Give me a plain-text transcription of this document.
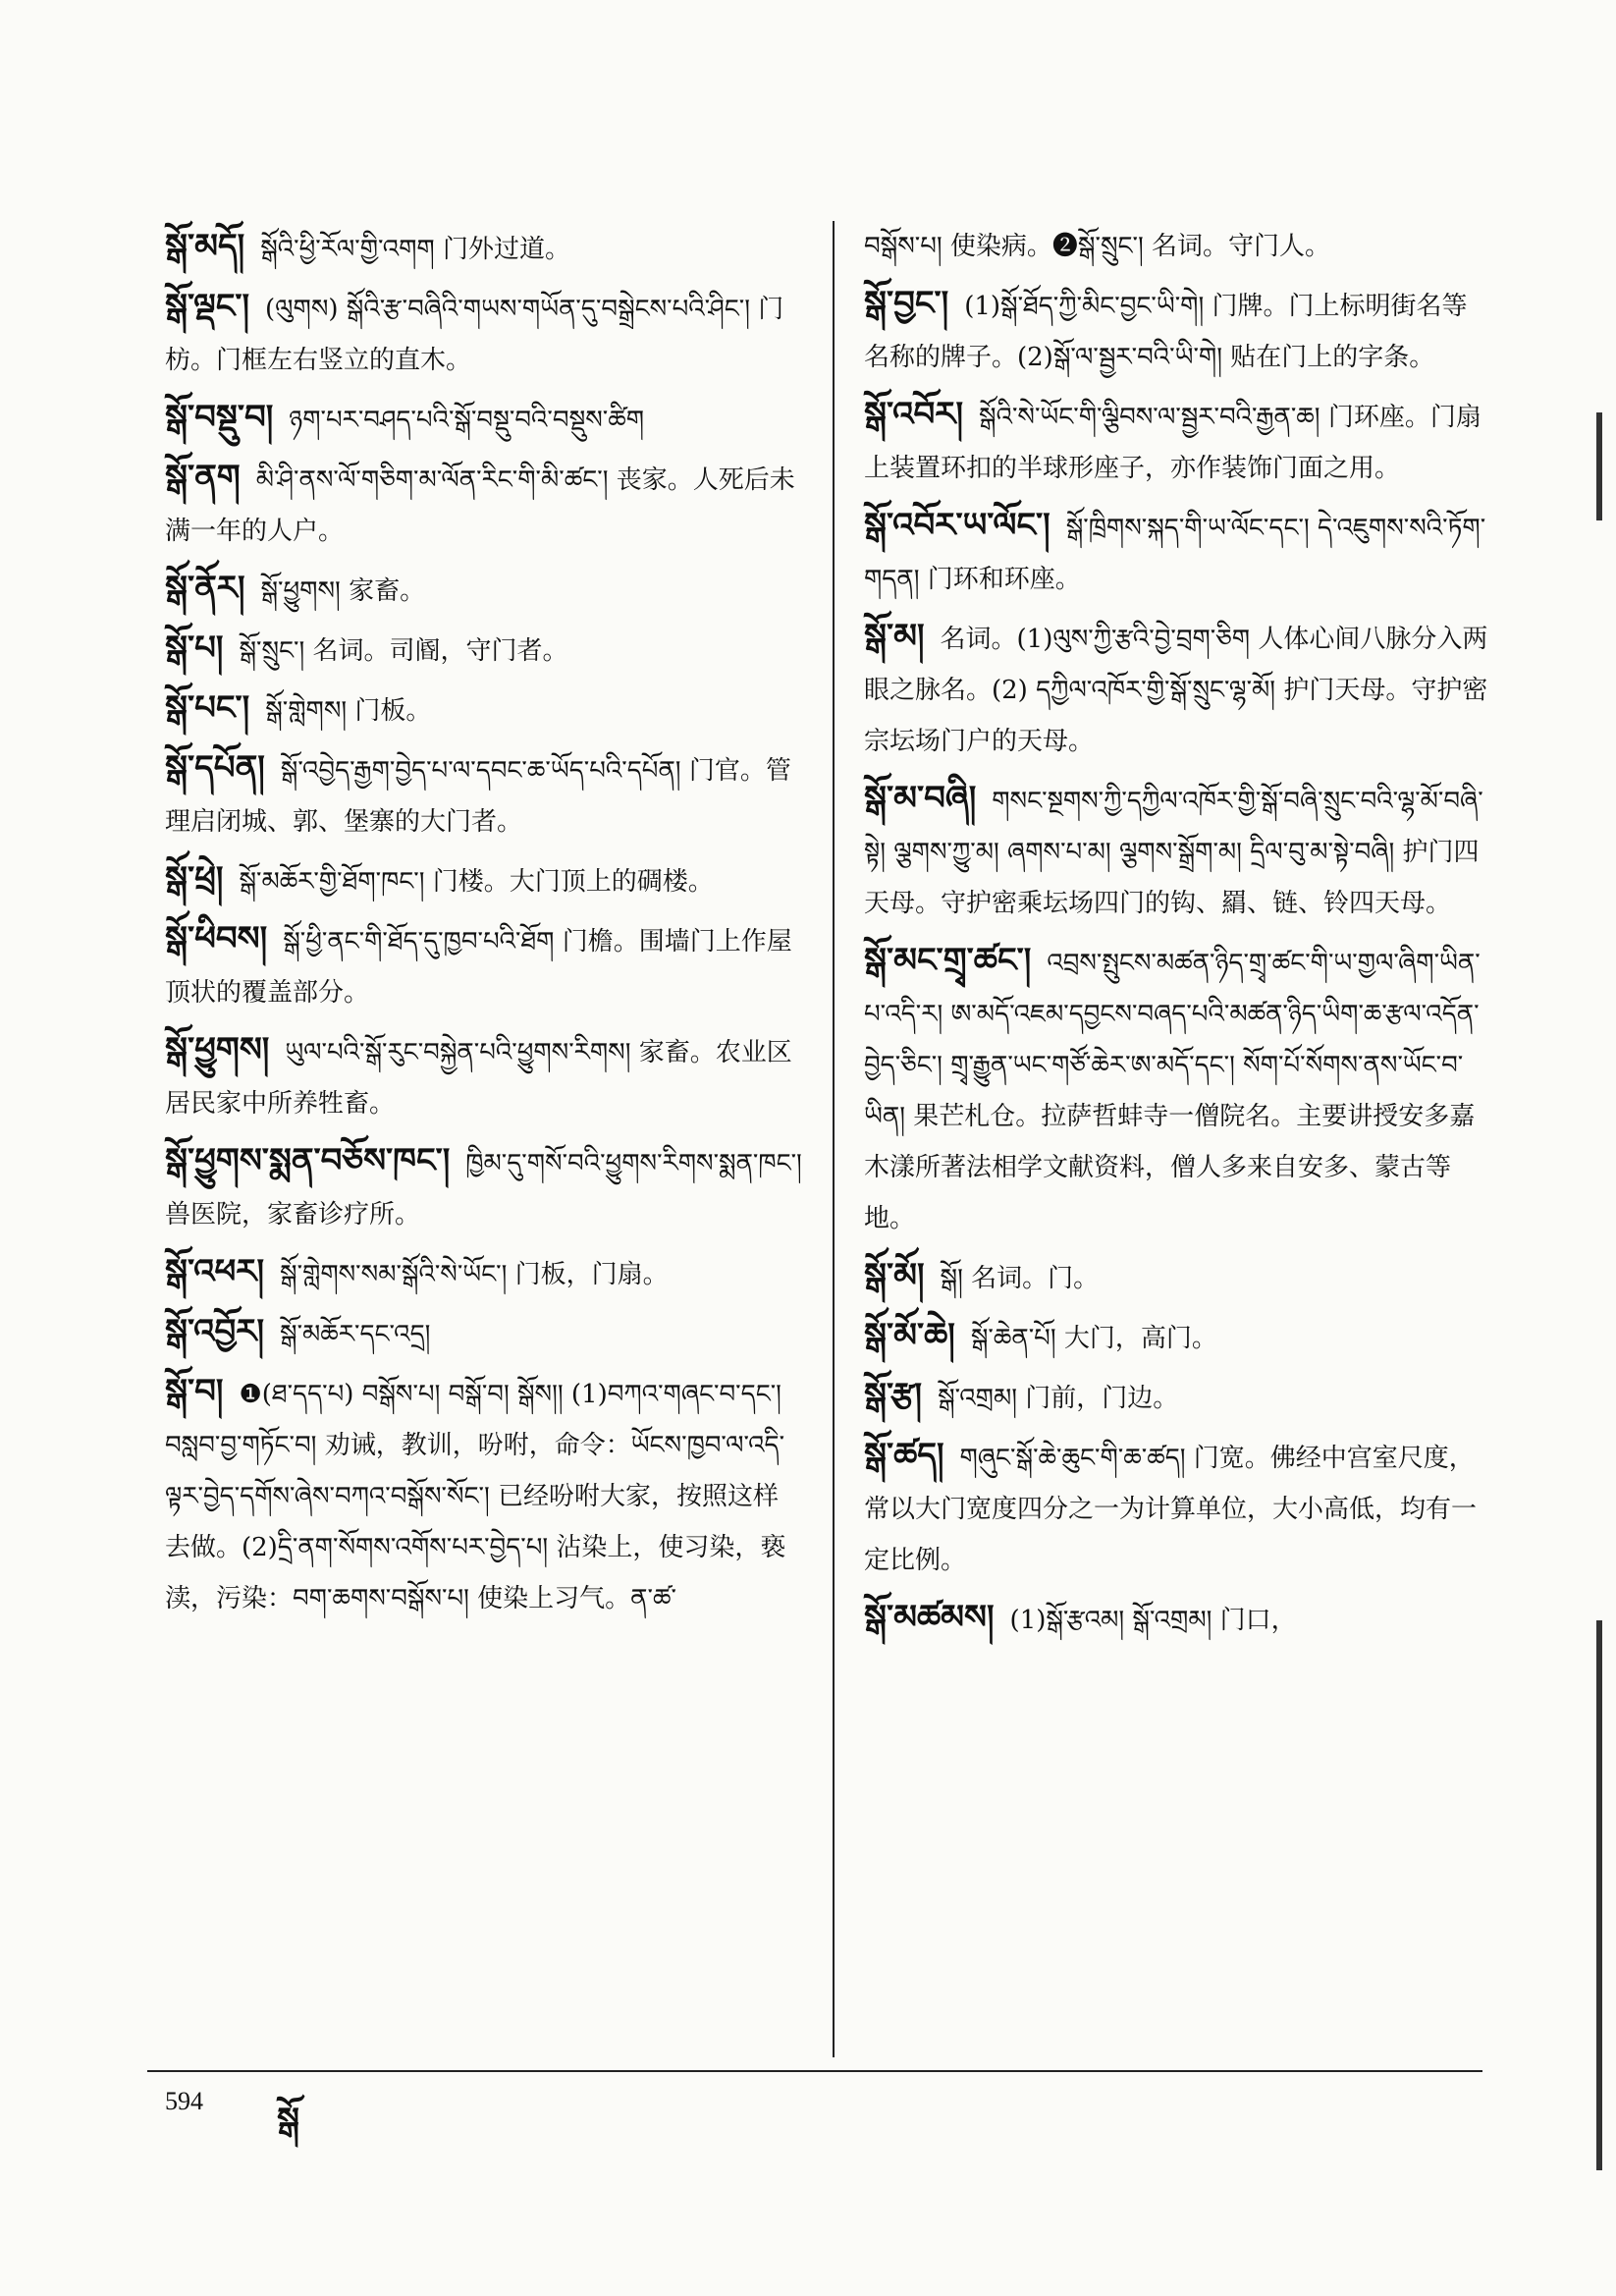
སྒོ་མདོ། སྒོའི་ཕྱི་རོལ་གྱི་འགག 门外过道。
སྒོ་ལྡང་། (ལུགས) སྒོའི་རྩ་བཞིའི་གཡས་གཡོན་དུ་བསྒྲེངས་པའི་ཤིང་། 门枋。门框左右竖立的直木。
སྒོ་བསྡུ་བ། ཉག་པར་བཤད་པའི་སྒོ་བསྡུ་བའི་བསྡུས་ཚིག
སྒོ་ནག མི་ཤི་ནས་ལོ་གཅིག་མ་ལོན་རིང་གི་མི་ཚང་། 丧家。人死后未满一年的人户。
སྒོ་ནོར། སྒོ་ཕྱུགས། 家畜。
སྒོ་པ། སྒོ་སྲུང་། 名词。司阍，守门者。
སྒོ་པང་། སྒོ་གླེགས། 门板。
སྒོ་དཔོན། སྒོ་འབྱེད་རྒྱག་བྱེད་པ་ལ་དབང་ཆ་ཡོད་པའི་དཔོན། 门官。管理启闭城、郭、堡寨的大门者。
སྒོ་ཕྲེ། སྒོ་མཆོར་གྱི་ཐོག་ཁང་། 门楼。大门顶上的碉楼。
སྒོ་ཕིབས། སྒོ་ཕྱི་ནང་གི་ཐོད་དུ་ཁྱབ་པའི་ཐོག 门檐。围墙门上作屋顶状的覆盖部分。
སྒོ་ཕྱུགས། ཡུལ་པའི་སྒོ་རུང་བསྐྱེན་པའི་ཕྱུགས་རིགས། 家畜。农业区居民家中所养牲畜。
སྒོ་ཕྱུགས་སྨན་བཅོས་ཁང་། ཁྱིམ་དུ་གསོ་བའི་ཕྱུགས་རིགས་སྨན་ཁང་། 兽医院，家畜诊疗所。
སྒོ་འཕར། སྒོ་གླེགས་སམ་སྒོའི་སེ་ཡོང་། 门板，门扇。
སྒོ་འབྱོར། སྒོ་མཆོར་དང་འདྲ།
སྒོ་བ། ❶(ཐ་དད་པ) བསྒོས་པ། བསྒོ་བ། སྒོས།། (1)བཀའ་གཞང་བ་དང་། བསླབ་བྱ་གཏོང་བ། 劝诫，教训，吩咐，命令：ཡོངས་ཁྱབ་ལ་འདི་ལྟར་བྱེད་དགོས་ཞེས་བཀའ་བསྒོས་སོང་། 已经吩咐大家，按照这样去做。(2)དྲི་ནག་སོགས་འགོས་པར་བྱེད་པ། 沾染上，使习染，亵渎，污染：བག་ཆགས་བསྒོས་པ། 使染上习气。ན་ཚ་
བསྒོས་པ། 使染病。❷སྒོ་སྲུང་། 名词。守门人。
སྒོ་བྱང་། (1)སྒོ་ཐོད་ཀྱི་མིང་བྱང་ཡི་གེ། 门牌。门上标明街名等名称的牌子。(2)སྒོ་ལ་སྦྱར་བའི་ཡི་གེ། 贴在门上的字条。
སྒོ་འབོར། སྒོའི་སེ་ཡོང་གི་ལྕིབས་ལ་སྦྱར་བའི་རྒྱན་ཆ། 门环座。门扇上装置环扣的半球形座子，亦作装饰门面之用。
སྒོ་འབོར་ཡ་ལོང་། སྒོ་ཁྲིགས་སྐད་གི་ཡ་ལོང་དང་། དེ་འཇུགས་སའི་ཏོག་གདན། 门环和环座。
སྒོ་མ། 名词。(1)ལུས་ཀྱི་རྩའི་བྱེ་བྲག་ཅིག 人体心间八脉分入两眼之脉名。(2) དཀྱིལ་འཁོར་གྱི་སྒོ་སྲུང་ལྷ་མོ། 护门天母。守护密宗坛场门户的天母。
སྒོ་མ་བཞི། གསང་སྔགས་ཀྱི་དཀྱིལ་འཁོར་གྱི་སྒོ་བཞི་སྲུང་བའི་ལྷ་མོ་བཞི་སྟེ། ལྕགས་ཀྱུ་མ། ཞགས་པ་མ། ལྕགས་སྒྲོག་མ། དྲིལ་བུ་མ་སྟེ་བཞི། 护门四天母。守护密乘坛场四门的钩、羂、链、铃四天母。
སྒོ་མང་གྲྭ་ཚང་། འབྲས་སྤུངས་མཚན་ཉིད་གྲྭ་ཚང་གི་ཡ་གྱལ་ཞིག་ཡིན་པ་འདི་ར། ཨ་མདོ་འཇམ་དབྱངས་བཞད་པའི་མཚན་ཉིད་ཡིག་ཆ་རྩལ་འདོན་བྱེད་ཅིང་། གྲྭ་རྒྱུན་ཡང་གཙོ་ཆེར་ཨ་མདོ་དང་། སོག་པོ་སོགས་ནས་ཡོང་བ་ཡིན། 果芒札仓。拉萨哲蚌寺一僧院名。主要讲授安多嘉木漾所著法相学文献资料，僧人多来自安多、蒙古等地。
སྒོ་མོ། སྒོ། 名词。门。
སྒོ་མོ་ཆེ། སྒོ་ཆེན་པོ། 大门，高门。
སྒོ་རྩ། སྒོ་འགྲམ། 门前，门边。
སྒོ་ཚད། གཞུང་སྒོ་ཆེ་ཆུང་གི་ཆ་ཚད། 门宽。佛经中宫室尺度，常以大门宽度四分之一为计算单位，大小高低，均有一定比例。
སྒོ་མཚམས། (1)སྒོ་རྩའམ། སྒོ་འགྲམ། 门口，
594 སྒོ
